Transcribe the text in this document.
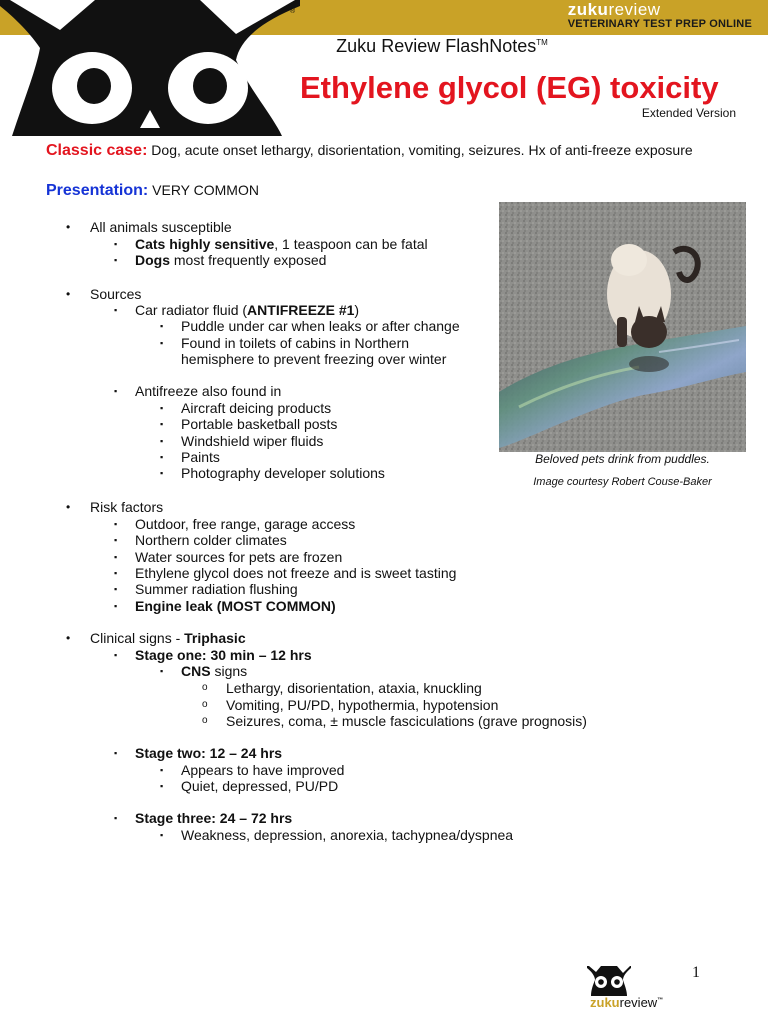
zukureview
VETERINARY TEST PREP ONLINE
®
Zuku Review FlashNotes™
Ethylene glycol (EG) toxicity
Extended Version
Classic case: Dog, acute onset lethargy, disorientation, vomiting, seizures. Hx of anti-freeze exposure
Presentation: VERY COMMON
Beloved pets drink from puddles.
Image courtesy Robert Couse-Baker
• All animals susceptible
▪ Cats highly sensitive, 1 teaspoon can be fatal
▪ Dogs most frequently exposed
• Sources
▪ Car radiator fluid (ANTIFREEZE #1)
▪ Puddle under car when leaks or after change
▪ Found in toilets of cabins in Northern
hemisphere to prevent freezing over winter
▪ Antifreeze also found in
▪ Aircraft deicing products
▪ Portable basketball posts
▪ Windshield wiper fluids
▪ Paints
▪ Photography developer solutions
• Risk factors
▪ Outdoor, free range, garage access
▪ Northern colder climates
▪ Water sources for pets are frozen
▪ Ethylene glycol does not freeze and is sweet tasting
▪ Summer radiation flushing
▪ Engine leak (MOST COMMON)
• Clinical signs - Triphasic
▪ Stage one: 30 min – 12 hrs
▪ CNS signs
o Lethargy, disorientation, ataxia, knuckling
o Vomiting, PU/PD, hypothermia, hypotension
o Seizures, coma, ± muscle fasciculations (grave prognosis)
▪ Stage two: 12 – 24 hrs
▪ Appears to have improved
▪ Quiet, depressed, PU/PD
▪ Stage three: 24 – 72 hrs
▪ Weakness, depression, anorexia, tachypnea/dyspnea
1
zukureview™
